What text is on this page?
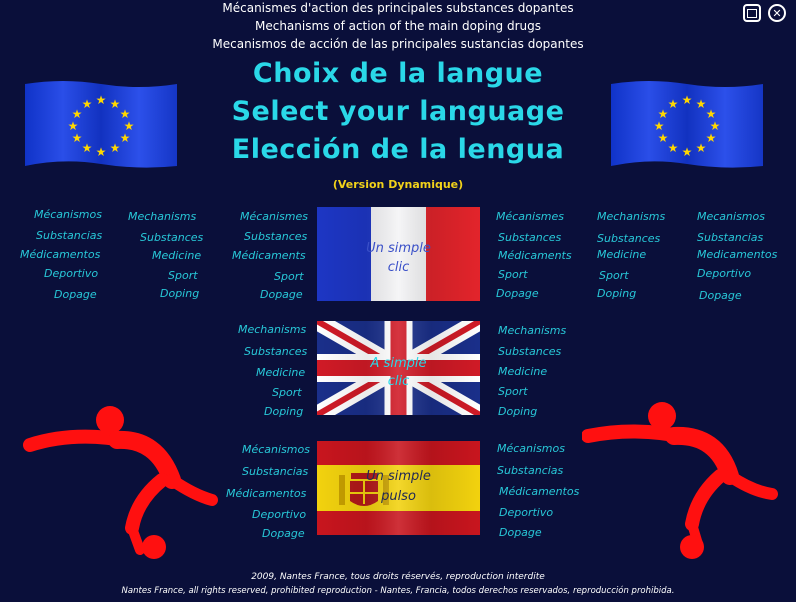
Mécanismes d'action des principales substances dopantes
Mechanisms of action of the main doping drugs
Mecanismos de acción de las principales sustancias dopantes
✕
Choix de la langue
Select your language
Elección de la lengua
(Version Dynamique)
★ ★
★
★
★
★
★
★
★
★
★
★	★ ★
★
★
★
★
★
★
★
★
★
★
Mécanismos
Substancias
Médicamentos
Deportivo
Dopage
Mechanisms
Substances
Medicine
Sport
Doping
Mécanismes
Substances
Médicaments
Sport
Dopage
Mécanismes
Substances
Médicaments
Sport
Dopage
Mechanisms
Substances
Medicine
Sport
Doping
Mecanismos
Substancias
Medicamentos
Deportivo
Dopage
Un simple
clic
Mechanisms
Substances
Medicine
Sport
Doping
Mechanisms
Substances
Medicine
Sport
Doping
A simple
clic
Mécanismos
Substancias
Médicamentos
Deportivo
Dopage
Mécanismos
Substancias
Médicamentos
Deportivo
Dopage
Un simple
pulso
2009, Nantes France, tous droits réservés, reproduction interdite
Nantes France, all rights reserved, prohibited reproduction - Nantes, Francia, todos derechos reservados, reproducción prohibida.
